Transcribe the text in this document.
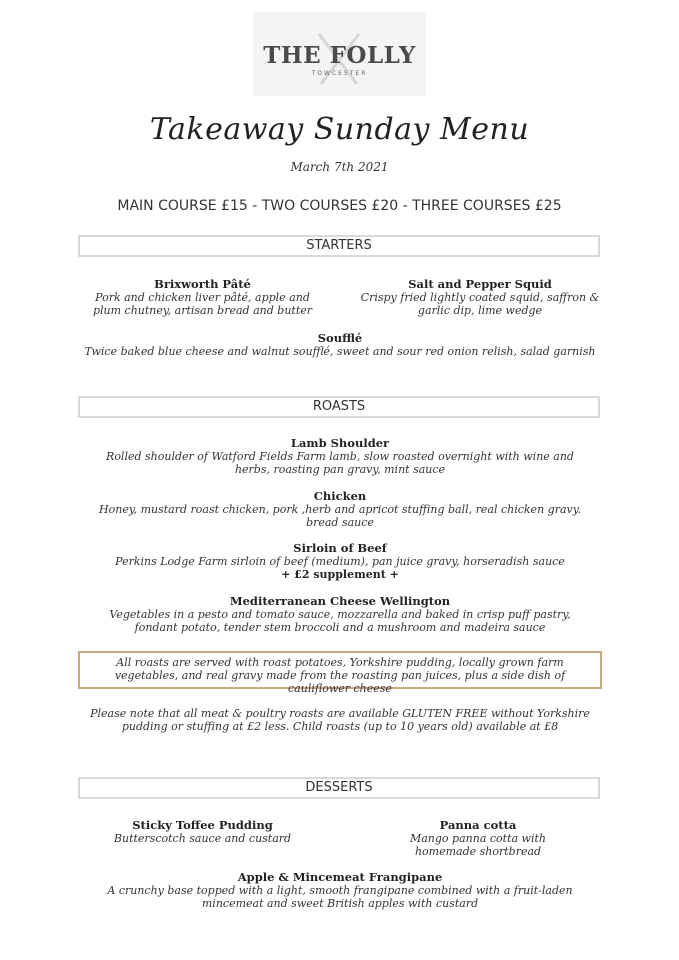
THE FOLLY
TOWCESTER
Takeaway Sunday Menu
March 7th 2021
MAIN COURSE £15 - TWO COURSES £20 - THREE COURSES £25
STARTERS
Brixworth Pâté
Pork and chicken liver pâté, apple and plum chutney, artisan bread and butter
Salt and Pepper Squid
Crispy fried lightly coated squid, saffron & garlic dip, lime wedge
Soufflé
Twice baked blue cheese and walnut soufflé, sweet and sour red onion relish, salad garnish
ROASTS
Lamb Shoulder
Rolled shoulder of Watford Fields Farm lamb, slow roasted overnight with wine and herbs, roasting pan gravy, mint sauce
Chicken
Honey, mustard roast chicken, pork ,herb and apricot stuffing ball, real chicken gravy. bread sauce
Sirloin of Beef
Perkins Lodge Farm sirloin of beef (medium), pan juice gravy, horseradish sauce
+ £2 supplement +
Mediterranean Cheese Wellington
Vegetables in a pesto and tomato sauce, mozzarella and baked in crisp puff pastry, fondant potato, tender stem broccoli and a mushroom and madeira sauce
All roasts are served with roast potatoes, Yorkshire pudding, locally grown farm vegetables, and real gravy made from the roasting pan juices, plus a side dish of cauliflower cheese
Please note that all meat & poultry roasts are available GLUTEN FREE without Yorkshire pudding or stuffing at £2 less. Child roasts (up to 10 years old) available at £8
DESSERTS
Sticky Toffee Pudding
Butterscotch sauce and custard
Panna cotta
Mango panna cotta with homemade shortbread
Apple & Mincemeat Frangipane
A crunchy base topped with a light, smooth frangipane combined with a fruit-laden mincemeat and sweet British apples with custard
